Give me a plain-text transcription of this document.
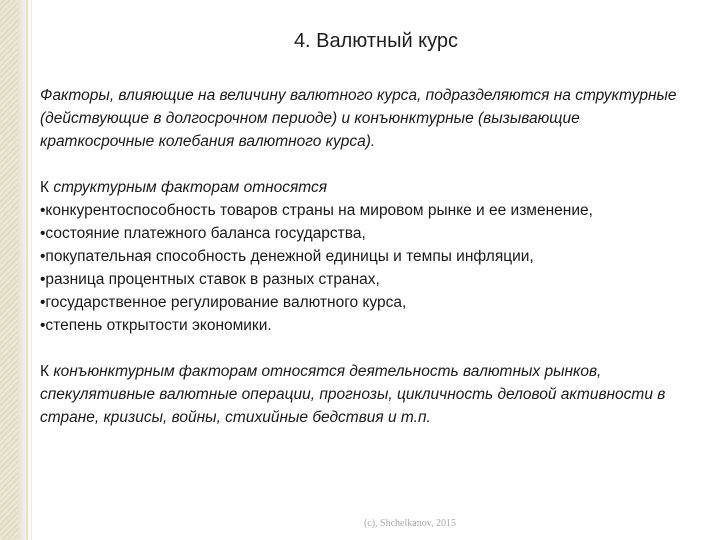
4. Валютный курс

Факторы, влияющие на величину валютного курса, подразделяются на структурные (действующие в долгосрочном периоде) и конъюнктурные (вызывающие краткосрочные колебания валютного курса).

К структурным факторам относятся

•конкурентоспособность товаров страны на мировом рынке и ее изменение,
•состояние платежного баланса государства,
•покупательная способность денежной единицы и темпы инфляции,
•разница процентных ставок в разных странах,
•государственное регулирование валютного курса,
•степень открытости экономики.

К конъюнктурным факторам относятся деятельность валютных рынков, спекулятивные валютные операции, прогнозы, цикличность деловой активности в стране, кризисы, войны, стихийные бедствия и т.п.

(c), Shchelkanov, 2015
